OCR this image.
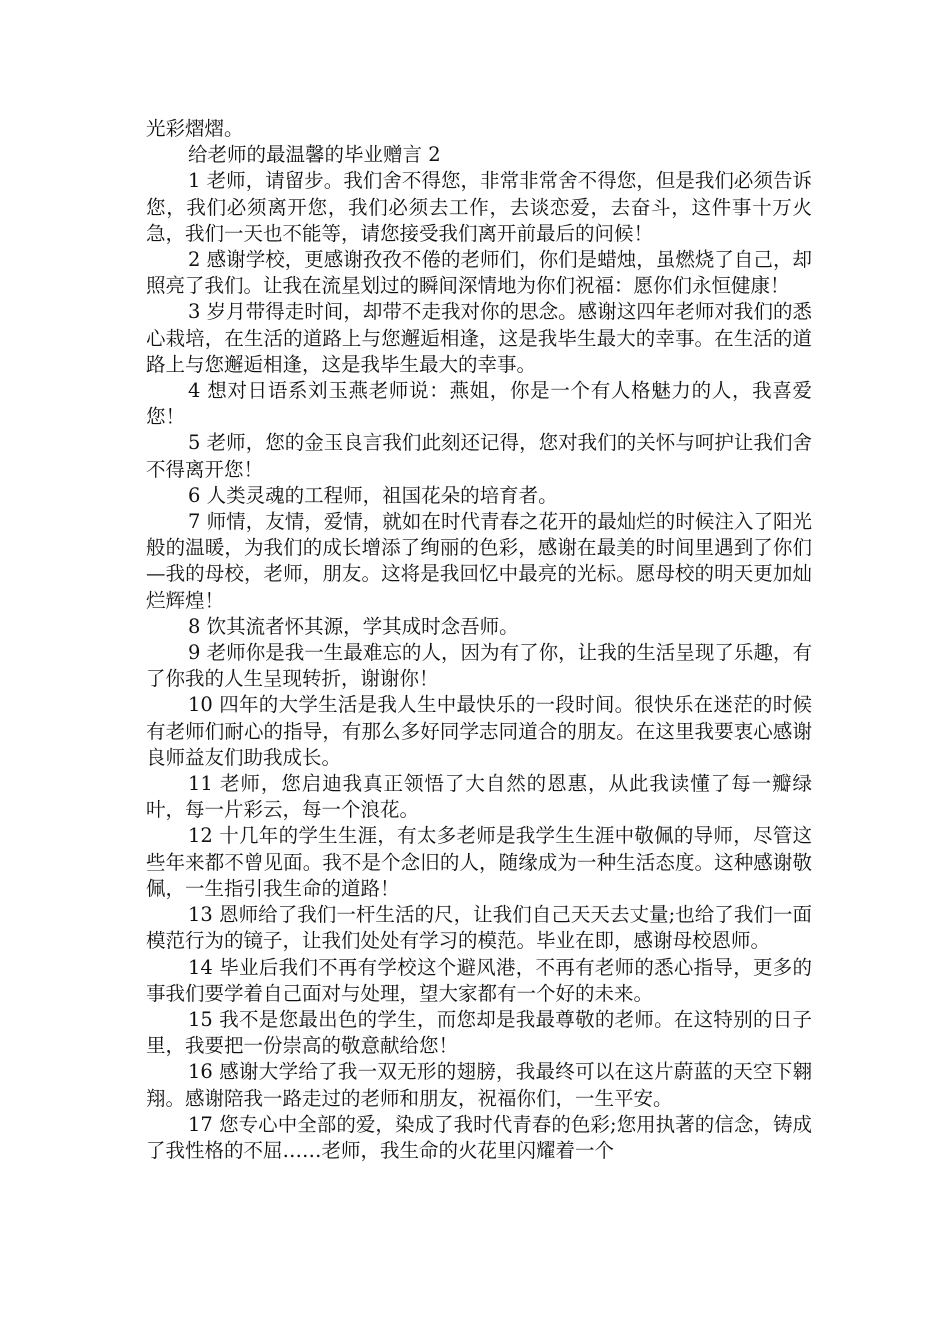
光彩熠熠。

给老师的最温馨的毕业赠言 2

1 老师，请留步。我们舍不得您，非常非常舍不得您，但是我们必须告诉您，我们必须离开您，我们必须去工作，去谈恋爱，去奋斗，这件事十万火急，我们一天也不能等，请您接受我们离开前最后的问候！

2 感谢学校，更感谢孜孜不倦的老师们，你们是蜡烛，虽燃烧了自己，却照亮了我们。让我在流星划过的瞬间深情地为你们祝福：愿你们永恒健康！

3 岁月带得走时间，却带不走我对你的思念。感谢这四年老师对我们的悉心栽培，在生活的道路上与您邂逅相逢，这是我毕生最大的幸事。在生活的道路上与您邂逅相逢，这是我毕生最大的幸事。

4 想对日语系刘玉燕老师说：燕姐，你是一个有人格魅力的人，我喜爱您！

5 老师，您的金玉良言我们此刻还记得，您对我们的关怀与呵护让我们舍不得离开您！

6 人类灵魂的工程师，祖国花朵的培育者。

7 师情，友情，爱情，就如在时代青春之花开的最灿烂的时候注入了阳光般的温暖，为我们的成长增添了绚丽的色彩，感谢在最美的时间里遇到了你们—我的母校，老师，朋友。这将是我回忆中最亮的光标。愿母校的明天更加灿烂辉煌！

8 饮其流者怀其源，学其成时念吾师。

9 老师你是我一生最难忘的人，因为有了你，让我的生活呈现了乐趣，有了你我的人生呈现转折，谢谢你！

10 四年的大学生活是我人生中最快乐的一段时间。很快乐在迷茫的时候有老师们耐心的指导，有那么多好同学志同道合的朋友。在这里我要衷心感谢良师益友们助我成长。

11 老师，您启迪我真正领悟了大自然的恩惠，从此我读懂了每一瓣绿叶，每一片彩云，每一个浪花。

12 十几年的学生生涯，有太多老师是我学生生涯中敬佩的导师，尽管这些年来都不曾见面。我不是个念旧的人，随缘成为一种生活态度。这种感谢敬佩，一生指引我生命的道路！

13 恩师给了我们一杆生活的尺，让我们自己天天去丈量;也给了我们一面模范行为的镜子，让我们处处有学习的模范。毕业在即，感谢母校恩师。

14 毕业后我们不再有学校这个避风港，不再有老师的悉心指导，更多的事我们要学着自己面对与处理，望大家都有一个好的未来。

15 我不是您最出色的学生，而您却是我最尊敬的老师。在这特别的日子里，我要把一份崇高的敬意献给您！

16 感谢大学给了我一双无形的翅膀，我最终可以在这片蔚蓝的天空下翱翔。感谢陪我一路走过的老师和朋友，祝福你们，一生平安。

17 您专心中全部的爱，染成了我时代青春的色彩;您用执著的信念，铸成了我性格的不屈……老师，我生命的火花里闪耀着一个
